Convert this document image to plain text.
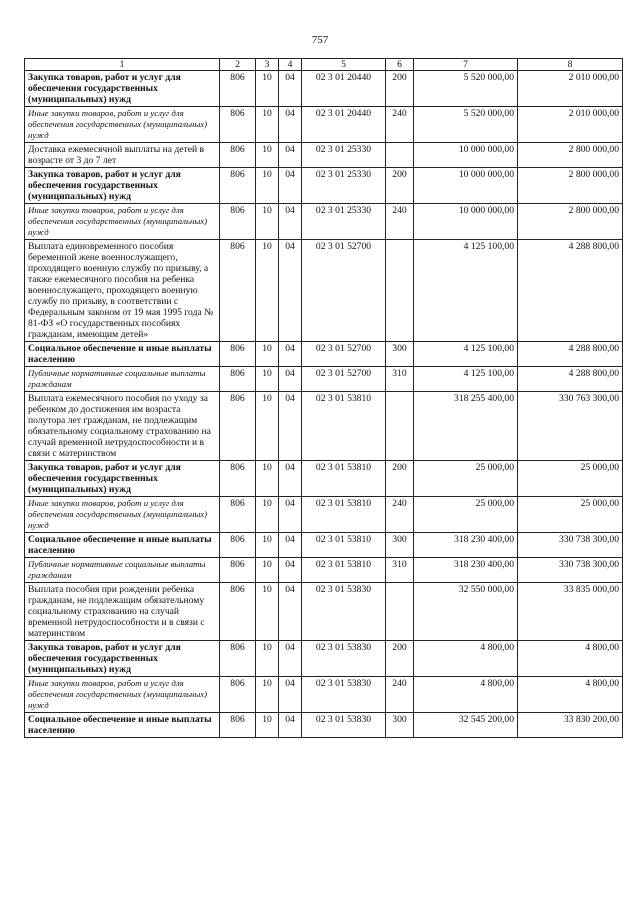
757
1	2	3	4	5	6	7	8
Закупка товаров, работ и услуг для обеспечения государственных (муниципальных) нужд	806	10	04	02 3 01 20440	200	5 520 000,00	2 010 000,00
Иные закупки товаров, работ и услуг для обеспечения государственных (муниципальных) нужд	806	10	04	02 3 01 20440	240	5 520 000,00	2 010 000,00
Доставка ежемесячной выплаты на детей в возрасте от 3 до 7 лет	806	10	04	02 3 01 25330		10 000 000,00	2 800 000,00
Закупка товаров, работ и услуг для обеспечения государственных (муниципальных) нужд	806	10	04	02 3 01 25330	200	10 000 000,00	2 800 000,00
Иные закупки товаров, работ и услуг для обеспечения государственных (муниципальных) нужд	806	10	04	02 3 01 25330	240	10 000 000,00	2 800 000,00
Выплата единовременного пособия беременной жене военнослужащего, проходящего военную службу по призыву, а также ежемесячного пособия на ребенка военнослужащего, проходящего военную службу по призыву, в соответствии с Федеральным законом от 19 мая 1995 года № 81-ФЗ «О государственных пособиях гражданам, имеющим детей»	806	10	04	02 3 01 52700		4 125 100,00	4 288 800,00
Социальное обеспечение и иные выплаты населению	806	10	04	02 3 01 52700	300	4 125 100,00	4 288 800,00
Публичные нормативные социальные выплаты гражданам	806	10	04	02 3 01 52700	310	4 125 100,00	4 288 800,00
Выплата ежемесячного пособия по уходу за ребенком до достижения им возраста полутора лет гражданам, не подлежащим обязательному социальному страхованию на случай временной нетрудоспособности и в связи с материнством	806	10	04	02 3 01 53810		318 255 400,00	330 763 300,00
Закупка товаров, работ и услуг для обеспечения государственных (муниципальных) нужд	806	10	04	02 3 01 53810	200	25 000,00	25 000,00
Иные закупки товаров, работ и услуг для обеспечения государственных (муниципальных) нужд	806	10	04	02 3 01 53810	240	25 000,00	25 000,00
Социальное обеспечение и иные выплаты населению	806	10	04	02 3 01 53810	300	318 230 400,00	330 738 300,00
Публичные нормативные социальные выплаты гражданам	806	10	04	02 3 01 53810	310	318 230 400,00	330 738 300,00
Выплата пособия при рождении ребенка гражданам, не подлежащим обязательному социальному страхованию на случай временной нетрудоспособности и в связи с материнством	806	10	04	02 3 01 53830		32 550 000,00	33 835 000,00
Закупка товаров, работ и услуг для обеспечения государственных (муниципальных) нужд	806	10	04	02 3 01 53830	200	4 800,00	4 800,00
Иные закупки товаров, работ и услуг для обеспечения государственных (муниципальных) нужд	806	10	04	02 3 01 53830	240	4 800,00	4 800,00
Социальное обеспечение и иные выплаты населению	806	10	04	02 3 01 53830	300	32 545 200,00	33 830 200,00
